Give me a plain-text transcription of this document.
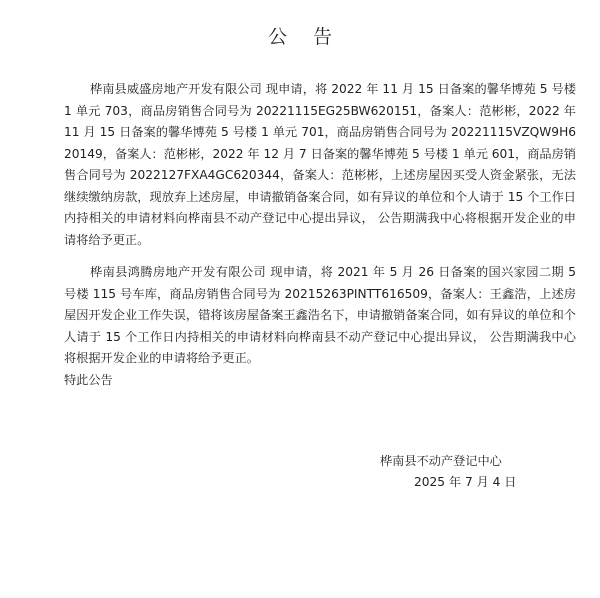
公 告

桦南县威盛房地产开发有限公司 现申请，将 2022 年 11 月 15 日备案的馨华博苑 5 号楼 1 单元 703，商品房销售合同号为 20221115EG25BW620151，备案人：范彬彬，2022 年 11 月 15 日备案的馨华博苑 5 号楼 1 单元 701，商品房销售合同号为 20221115VZQW9H620149，备案人：范彬彬，2022 年 12 月 7 日备案的馨华博苑 5 号楼 1 单元 601，商品房销售合同号为 2022127FXA4GC620344，备案人：范彬彬，上述房屋因买受人资金紧张，无法继续缴纳房款，现放弃上述房屋，申请撤销备案合同，如有异议的单位和个人请于 15 个工作日内持相关的申请材料向桦南县不动产登记中心提出异议， 公告期满我中心将根据开发企业的申请将给予更正。

桦南县鸿腾房地产开发有限公司 现申请，将 2021 年 5 月 26 日备案的国兴家园二期 5 号楼 115 号车库，商品房销售合同号为 20215263PINTT616509，备案人：王鑫浩，上述房屋因开发企业工作失误，错将该房屋备案王鑫浩名下，申请撤销备案合同，如有异议的单位和个人请于 15 个工作日内持相关的申请材料向桦南县不动产登记中心提出异议， 公告期满我中心将根据开发企业的申请将给予更正。

特此公告
桦南县不动产登记中心
2025 年 7 月 4 日
